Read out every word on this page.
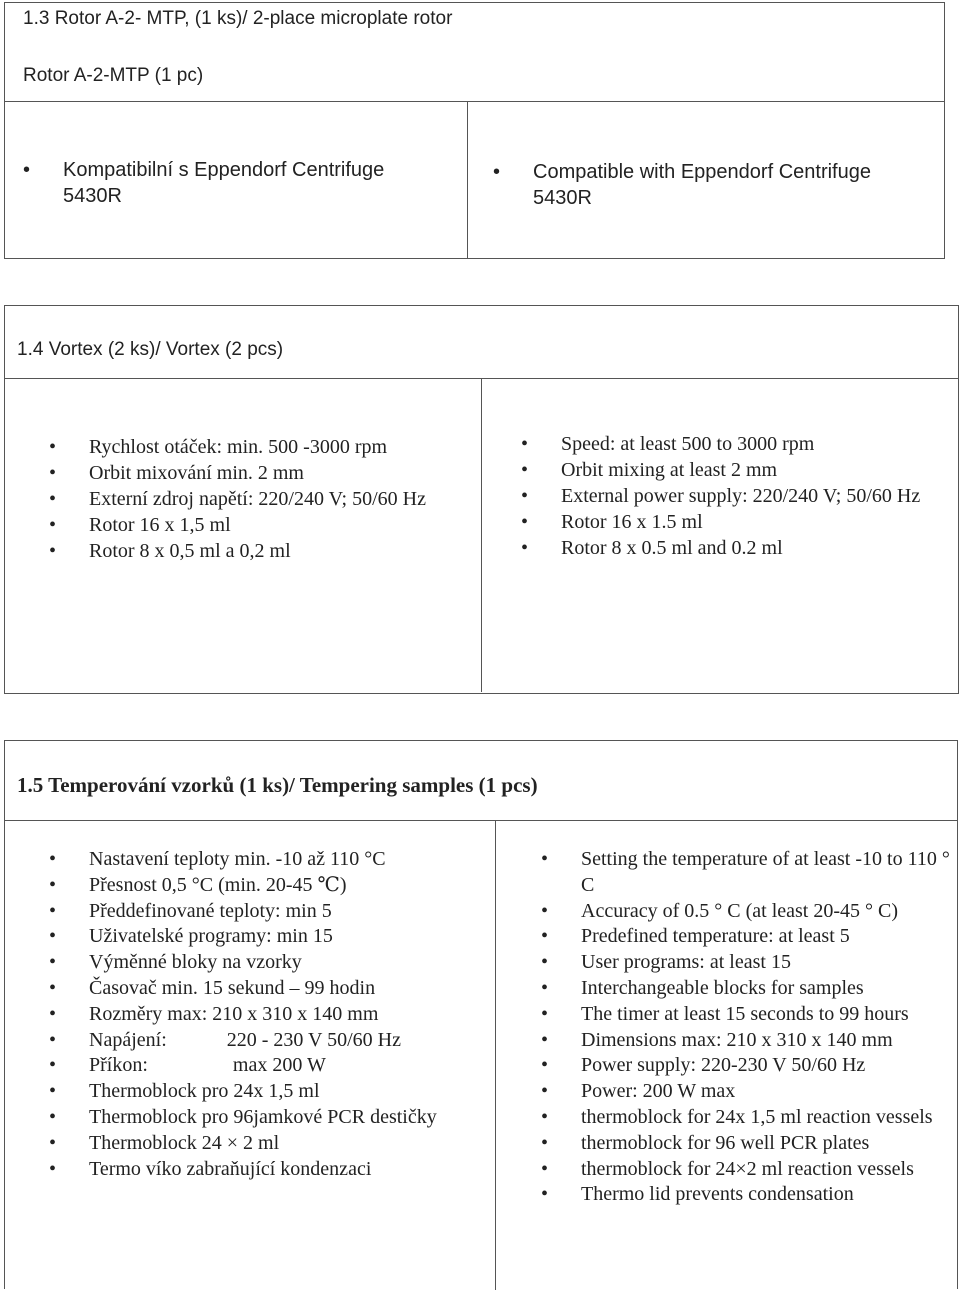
1.3 Rotor A-2- MTP, (1 ks)/ 2-place microplate rotor
Rotor A-2-MTP (1 pc)
• Kompatibilní s Eppendorf Centrifuge 5430R
• Compatible with Eppendorf Centrifuge 5430R
1.4 Vortex (2 ks)/ Vortex (2 pcs)
• Rychlost otáček: min. 500 -3000 rpm
• Orbit mixování min. 2 mm
• Externí zdroj napětí: 220/240 V; 50/60 Hz
• Rotor 16 x 1,5 ml
• Rotor 8 x 0,5 ml a 0,2 ml
• Speed: at least 500 to 3000 rpm
• Orbit mixing at least 2 mm
• External power supply: 220/240 V; 50/60 Hz
• Rotor 16 x 1.5 ml
• Rotor 8 x 0.5 ml and 0.2 ml
1.5 Temperování vzorků (1 ks)/ Tempering samples (1 pcs)
• Nastavení teploty min. -10 až 110 °C
• Přesnost 0,5 °C (min. 20-45 ℃)
• Předdefinované teploty: min 5
• Uživatelské programy: min 15
• Výměnné bloky na vzorky
• Časovač min. 15 sekund – 99 hodin
• Rozměry max: 210 x 310 x 140 mm
• Napájení:            220 - 230 V 50/60 Hz
• Příkon:                 max 200 W
• Thermoblock pro 24x 1,5 ml
• Thermoblock pro 96jamkové PCR destičky
• Thermoblock 24 × 2 ml
• Termo víko zabraňující kondenzaci
• Setting the temperature of at least -10 to 110 ° C
• Accuracy of 0.5 ° C (at least 20-45 ° C)
• Predefined temperature: at least 5
• User programs: at least 15
• Interchangeable blocks for samples
• The timer at least 15 seconds to 99 hours
• Dimensions max: 210 x 310 x 140 mm
• Power supply: 220-230 V 50/60 Hz
• Power: 200 W max
• thermoblock for 24x 1,5 ml reaction vessels
• thermoblock for 96 well PCR plates
• thermoblock for 24×2 ml reaction vessels
• Thermo lid prevents condensation
